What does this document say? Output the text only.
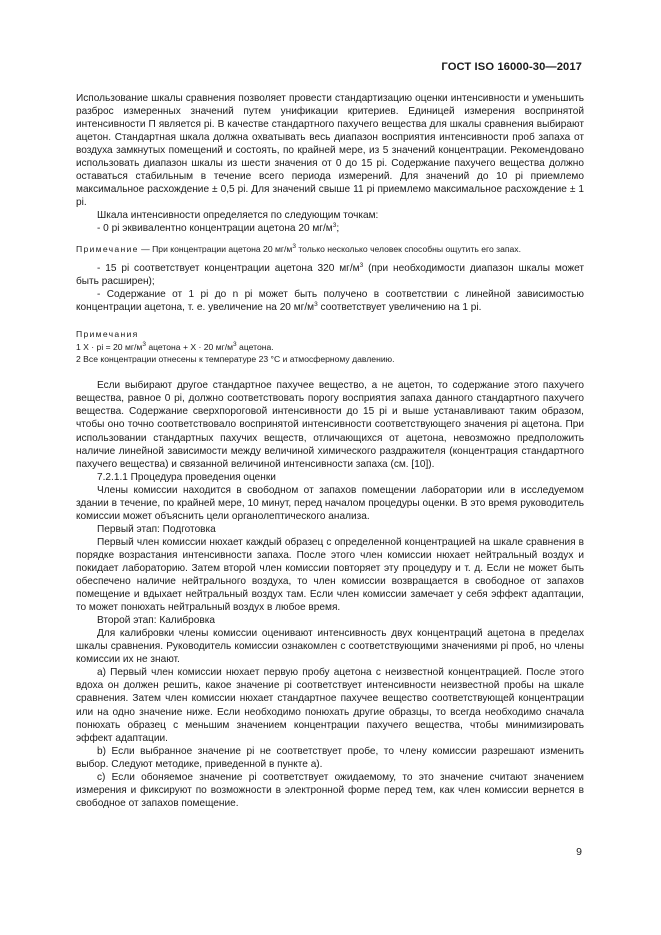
ГОСТ ISO 16000-30—2017

Использование шкалы сравнения позволяет провести стандартизацию оценки интенсивности и уменьшить разброс измеренных значений путем унификации критериев. Единицей измерения воспринятой интенсивности П является pi. В качестве стандартного пахучего вещества для шкалы сравнения выбирают ацетон. Стандартная шкала должна охватывать весь диапазон восприятия интенсивности проб запаха от воздуха замкнутых помещений и состоять, по крайней мере, из 5 значений концентрации. Рекомендовано использовать диапазон шкалы из шести значения от 0 до 15 pi. Содержание пахучего вещества должно оставаться стабильным в течение всего периода измерений. Для значений до 10 pi приемлемо максимальное расхождение ± 0,5 pi. Для значений свыше 11 pi приемлемо максимальное расхождение ± 1 pi.

Шкала интенсивности определяется по следующим точкам:

- 0 pi эквивалентно концентрации ацетона 20 $мг/м^3$;

Примечание — При концентрации ацетона 20 $мг/м^3$ только несколько человек способны ощутить его запах.

- 15 pi соответствует концентрации ацетона 320 $мг/м^3$ (при необходимости диапазон шкалы может быть расширен);

- Содержание от 1 pi до n pi может быть получено в соответствии с линейной зависимостью концентрации ацетона, т. е. увеличение на 20 $мг/м^3$ соответствует увеличению на 1 pi.

Примечания

1 X · pi = 20 $мг/м^3$ ацетона + X · 20 $мг/м^3$ ацетона.

2 Все концентрации отнесены к температуре 23 °С и атмосферному давлению.

Если выбирают другое стандартное пахучее вещество, а не ацетон, то содержание этого пахучего вещества, равное 0 pi, должно соответствовать порогу восприятия запаха данного стандартного пахучего вещества. Содержание сверхпороговой интенсивности до 15 pi и выше устанавливают таким образом, чтобы оно точно соответствовало воспринятой интенсивности соответствующего значения pi ацетона. При использовании стандартных пахучих веществ, отличающихся от ацетона, невозможно предположить наличие линейной зависимости между величиной химического раздражителя (концентрация стандартного пахучего вещества) и связанной величиной интенсивности запаха (см. [10]).

7.2.1.1 Процедура проведения оценки

Члены комиссии находится в свободном от запахов помещении лаборатории или в исследуемом здании в течение, по крайней мере, 10 минут, перед началом процедуры оценки. В это время руководитель комиссии может объяснить цели органолептического анализа.

Первый этап: Подготовка

Первый член комиссии нюхает каждый образец с определенной концентрацией на шкале сравнения в порядке возрастания интенсивности запаха. После этого член комиссии нюхает нейтральный воздух и покидает лабораторию. Затем второй член комиссии повторяет эту процедуру и т. д. Если не может быть обеспечено наличие нейтрального воздуха, то член комиссии возвращается в свободное от запахов помещение и вдыхает нейтральный воздух там. Если член комиссии замечает у себя эффект адаптации, то может понюхать нейтральный воздух в любое время.

Второй этап: Калибровка

Для калибровки члены комиссии оценивают интенсивность двух концентраций ацетона в пределах шкалы сравнения. Руководитель комиссии ознакомлен с соответствующими значениями pi проб, но члены комиссии их не знают.

а) Первый член комиссии нюхает первую пробу ацетона с неизвестной концентрацией. После этого вдоха он должен решить, какое значение pi соответствует интенсивности неизвестной пробы на шкале сравнения. Затем член комиссии нюхает стандартное пахучее вещество соответствующей концентрации или на одно значение ниже. Если необходимо понюхать другие образцы, то всегда необходимо сначала понюхать образец с меньшим значением концентрации пахучего вещества, чтобы минимизировать эффект адаптации.

b) Если выбранное значение pi не соответствует пробе, то члену комиссии разрешают изменить выбор. Следуют методике, приведенной в пункте а).

с) Если обоняемое значение pi соответствует ожидаемому, то это значение считают значением измерения и фиксируют по возможности в электронной форме перед тем, как член комиссии вернется в свободное от запахов помещение.

9
